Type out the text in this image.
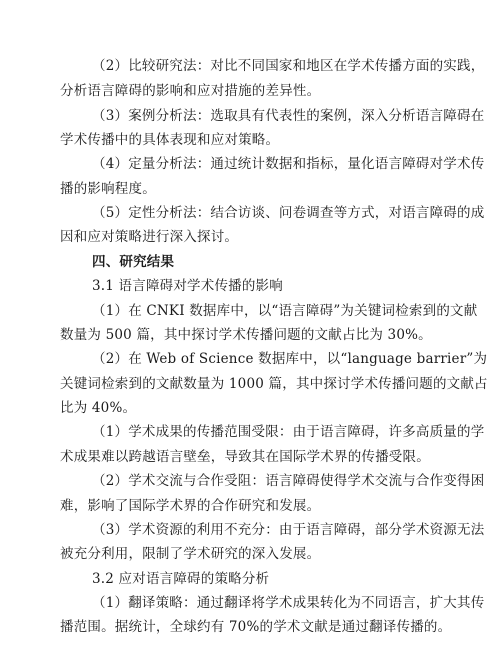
（2）比较研究法：对比不同国家和地区在学术传播方面的实践，
分析语言障碍的影响和应对措施的差异性。
（3）案例分析法：选取具有代表性的案例，深入分析语言障碍在
学术传播中的具体表现和应对策略。
（4）定量分析法：通过统计数据和指标，量化语言障碍对学术传
播的影响程度。
（5）定性分析法：结合访谈、问卷调查等方式，对语言障碍的成
因和应对策略进行深入探讨。
四、研究结果
3.1 语言障碍对学术传播的影响
（1）在 CNKI 数据库中，以“语言障碍”为关键词检索到的文献
数量为 500 篇，其中探讨学术传播问题的文献占比为 30%。
（2）在 Web of Science 数据库中，以“language barrier”为
关键词检索到的文献数量为 1000 篇，其中探讨学术传播问题的文献占
比为 40%。
（1）学术成果的传播范围受限：由于语言障碍，许多高质量的学
术成果难以跨越语言壁垒，导致其在国际学术界的传播受限。
（2）学术交流与合作受阻：语言障碍使得学术交流与合作变得困
难，影响了国际学术界的合作研究和发展。
（3）学术资源的利用不充分：由于语言障碍，部分学术资源无法
被充分利用，限制了学术研究的深入发展。
3.2 应对语言障碍的策略分析
（1）翻译策略：通过翻译将学术成果转化为不同语言，扩大其传
播范围。据统计，全球约有 70%的学术文献是通过翻译传播的。
